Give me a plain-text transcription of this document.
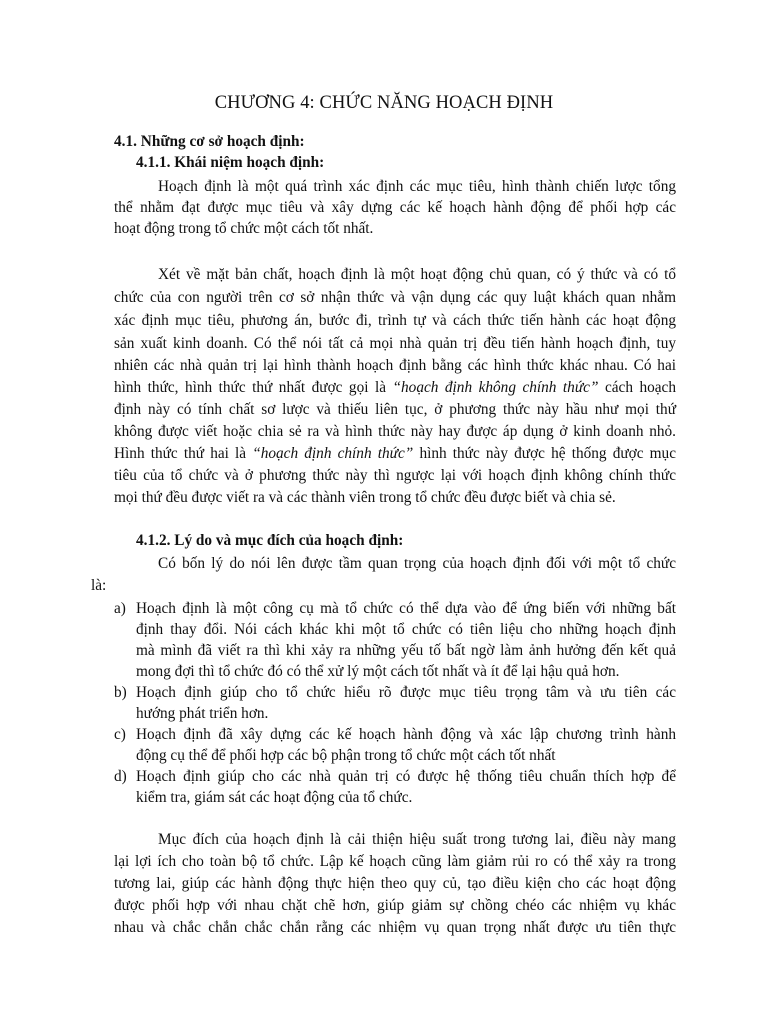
CHƯƠNG 4: CHỨC NĂNG HOẠCH ĐỊNH
4.1. Những cơ sở hoạch định:
4.1.1. Khái niệm hoạch định:
Hoạch định là một quá trình xác định các mục tiêu, hình thành chiến lược tổng
thể nhằm đạt được mục tiêu và xây dựng các kế hoạch hành động để phối hợp các
hoạt động trong tổ chức một cách tốt nhất.
Xét về mặt bản chất, hoạch định là một hoạt động chủ quan, có ý thức và có tổ
chức của con người trên cơ sở nhận thức và vận dụng các quy luật khách quan nhằm
xác định mục tiêu, phương án, bước đi, trình tự và cách thức tiến hành các hoạt động
sản xuất kinh doanh. Có thể nói tất cả mọi nhà quản trị đều tiến hành hoạch định, tuy
nhiên các nhà quản trị lại hình thành hoạch định bằng các hình thức khác nhau. Có hai
hình thức, hình thức thứ nhất được gọi là “hoạch định không chính thức” cách hoạch
định này có tính chất sơ lược và thiếu liên tục, ở phương thức này hầu như mọi thứ
không được viết hoặc chia sẻ ra và hình thức này hay được áp dụng ở kinh doanh nhỏ.
Hình thức thứ hai là “hoạch định chính thức” hình thức này được hệ thống được mục
tiêu của tổ chức và ở phương thức này thì ngược lại với hoạch định không chính thức
mọi thứ đều được viết ra và các thành viên trong tổ chức đều được biết và chia sẻ.
4.1.2. Lý do và mục đích của hoạch định:
Có bốn lý do nói lên được tầm quan trọng của hoạch định đối với một tổ chức
là:
a) Hoạch định là một công cụ mà tổ chức có thể dựa vào để ứng biến với những bất
định thay đổi. Nói cách khác khi một tổ chức có tiên liệu cho những hoạch định
mà mình đã viết ra thì khi xảy ra những yếu tố bất ngờ làm ảnh hưởng đến kết quả
mong đợi thì tổ chức đó có thể xử lý một cách tốt nhất và ít để lại hậu quả hơn.
b) Hoạch định giúp cho tổ chức hiểu rõ được mục tiêu trọng tâm và ưu tiên các
hướng phát triển hơn.
c) Hoạch định đã xây dựng các kế hoạch hành động và xác lập chương trình hành
động cụ thể để phối hợp các bộ phận trong tổ chức một cách tốt nhất
d) Hoạch định giúp cho các nhà quản trị có được hệ thống tiêu chuẩn thích hợp để
kiểm tra, giám sát các hoạt động của tổ chức.
Mục đích của hoạch định là cải thiện hiệu suất trong tương lai, điều này mang
lại lợi ích cho toàn bộ tổ chức. Lập kế hoạch cũng làm giảm rủi ro có thể xảy ra trong
tương lai, giúp các hành động thực hiện theo quy củ, tạo điều kiện cho các hoạt động
được phối hợp với nhau chặt chẽ hơn, giúp giảm sự chồng chéo các nhiệm vụ khác
nhau và chắc chắn chắc chắn rằng các nhiệm vụ quan trọng nhất được ưu tiên thực
